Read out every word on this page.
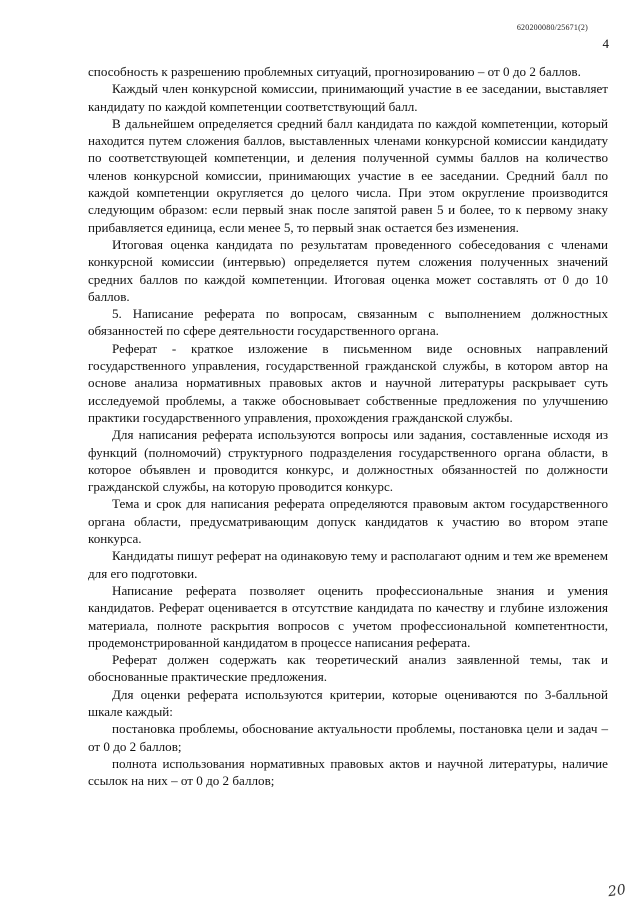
620200080/25671(2)
4

способность к разрешению проблемных ситуаций, прогнозированию – от 0 до 2 баллов.

Каждый член конкурсной комиссии, принимающий участие в ее заседании, выставляет кандидату по каждой компетенции соответствующий балл.

В дальнейшем определяется средний балл кандидата по каждой компетенции, который находится путем сложения баллов, выставленных членами конкурсной комиссии кандидату по соответствующей компетенции, и деления полученной суммы баллов на количество членов конкурсной комиссии, принимающих участие в ее заседании. Средний балл по каждой компетенции округляется до целого числа. При этом округление производится следующим образом: если первый знак после запятой равен 5 и более, то к первому знаку прибавляется единица, если менее 5, то первый знак остается без изменения.

Итоговая оценка кандидата по результатам проведенного собеседования с членами конкурсной комиссии (интервью) определяется путем сложения полученных значений средних баллов по каждой компетенции. Итоговая оценка может составлять от 0 до 10 баллов.

5. Написание реферата по вопросам, связанным с выполнением должностных обязанностей по сфере деятельности государственного органа.

Реферат - краткое изложение в письменном виде основных направлений государственного управления, государственной гражданской службы, в котором автор на основе анализа нормативных правовых актов и научной литературы раскрывает суть исследуемой проблемы, а также обосновывает собственные предложения по улучшению практики государственного управления, прохождения гражданской службы.

Для написания реферата используются вопросы или задания, составленные исходя из функций (полномочий) структурного подразделения государственного органа области, в которое объявлен и проводится конкурс, и должностных обязанностей по должности гражданской службы, на которую проводится конкурс.

Тема и срок для написания реферата определяются правовым актом государственного органа области, предусматривающим допуск кандидатов к участию во втором этапе конкурса.

Кандидаты пишут реферат на одинаковую тему и располагают одним и тем же временем для его подготовки.

Написание реферата позволяет оценить профессиональные знания и умения кандидатов. Реферат оценивается в отсутствие кандидата по качеству и глубине изложения материала, полноте раскрытия вопросов с учетом профессиональной компетентности, продемонстрированной кандидатом в процессе написания реферата.

Реферат должен содержать как теоретический анализ заявленной темы, так и обоснованные практические предложения.

Для оценки реферата используются критерии, которые оцениваются по 3-балльной шкале каждый:

постановка проблемы, обоснование актуальности проблемы, постановка цели и задач – от 0 до 2 баллов;

полнота использования нормативных правовых актов и научной литературы, наличие ссылок на них – от 0 до 2 баллов;

20
